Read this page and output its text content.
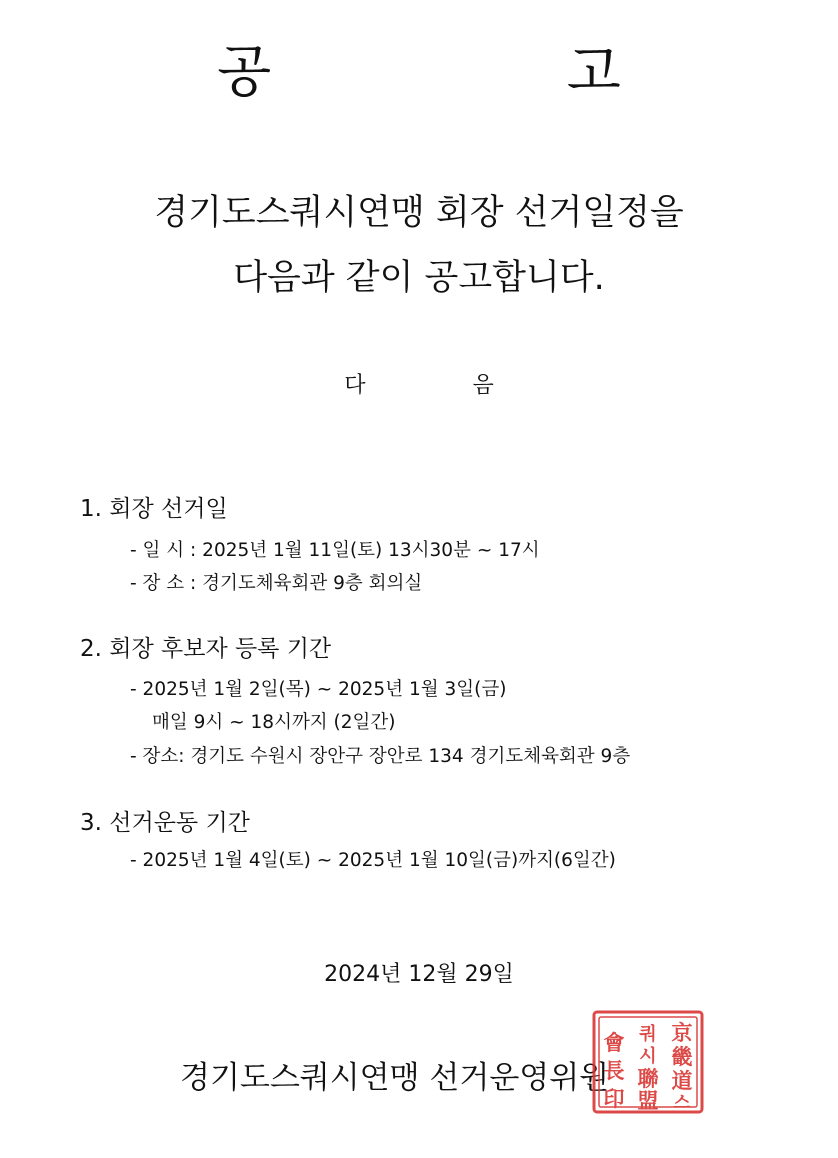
공  고
경기도스쿼시연맹 회장 선거일정을
다음과 같이 공고합니다.
다 음
1. 회장 선거일
- 일 시 : 2025년 1월 11일(토) 13시30분 ~ 17시
- 장 소 : 경기도체육회관 9층 회의실
2. 회장 후보자 등록 기간
- 2025년 1월 2일(목) ~ 2025년 1월 3일(금)
매일 9시 ~ 18시까지 (2일간)
- 장소: 경기도 수원시 장안구 장안로 134 경기도체육회관 9층
3. 선거운동 기간
- 2025년 1월 4일(토) ~ 2025년 1월 10일(금)까지(6일간)
2024년 12월 29일
경기도스쿼시연맹 선거운영위원
京
畿
道
스
쿼
시
聯
盟
會
長
印
